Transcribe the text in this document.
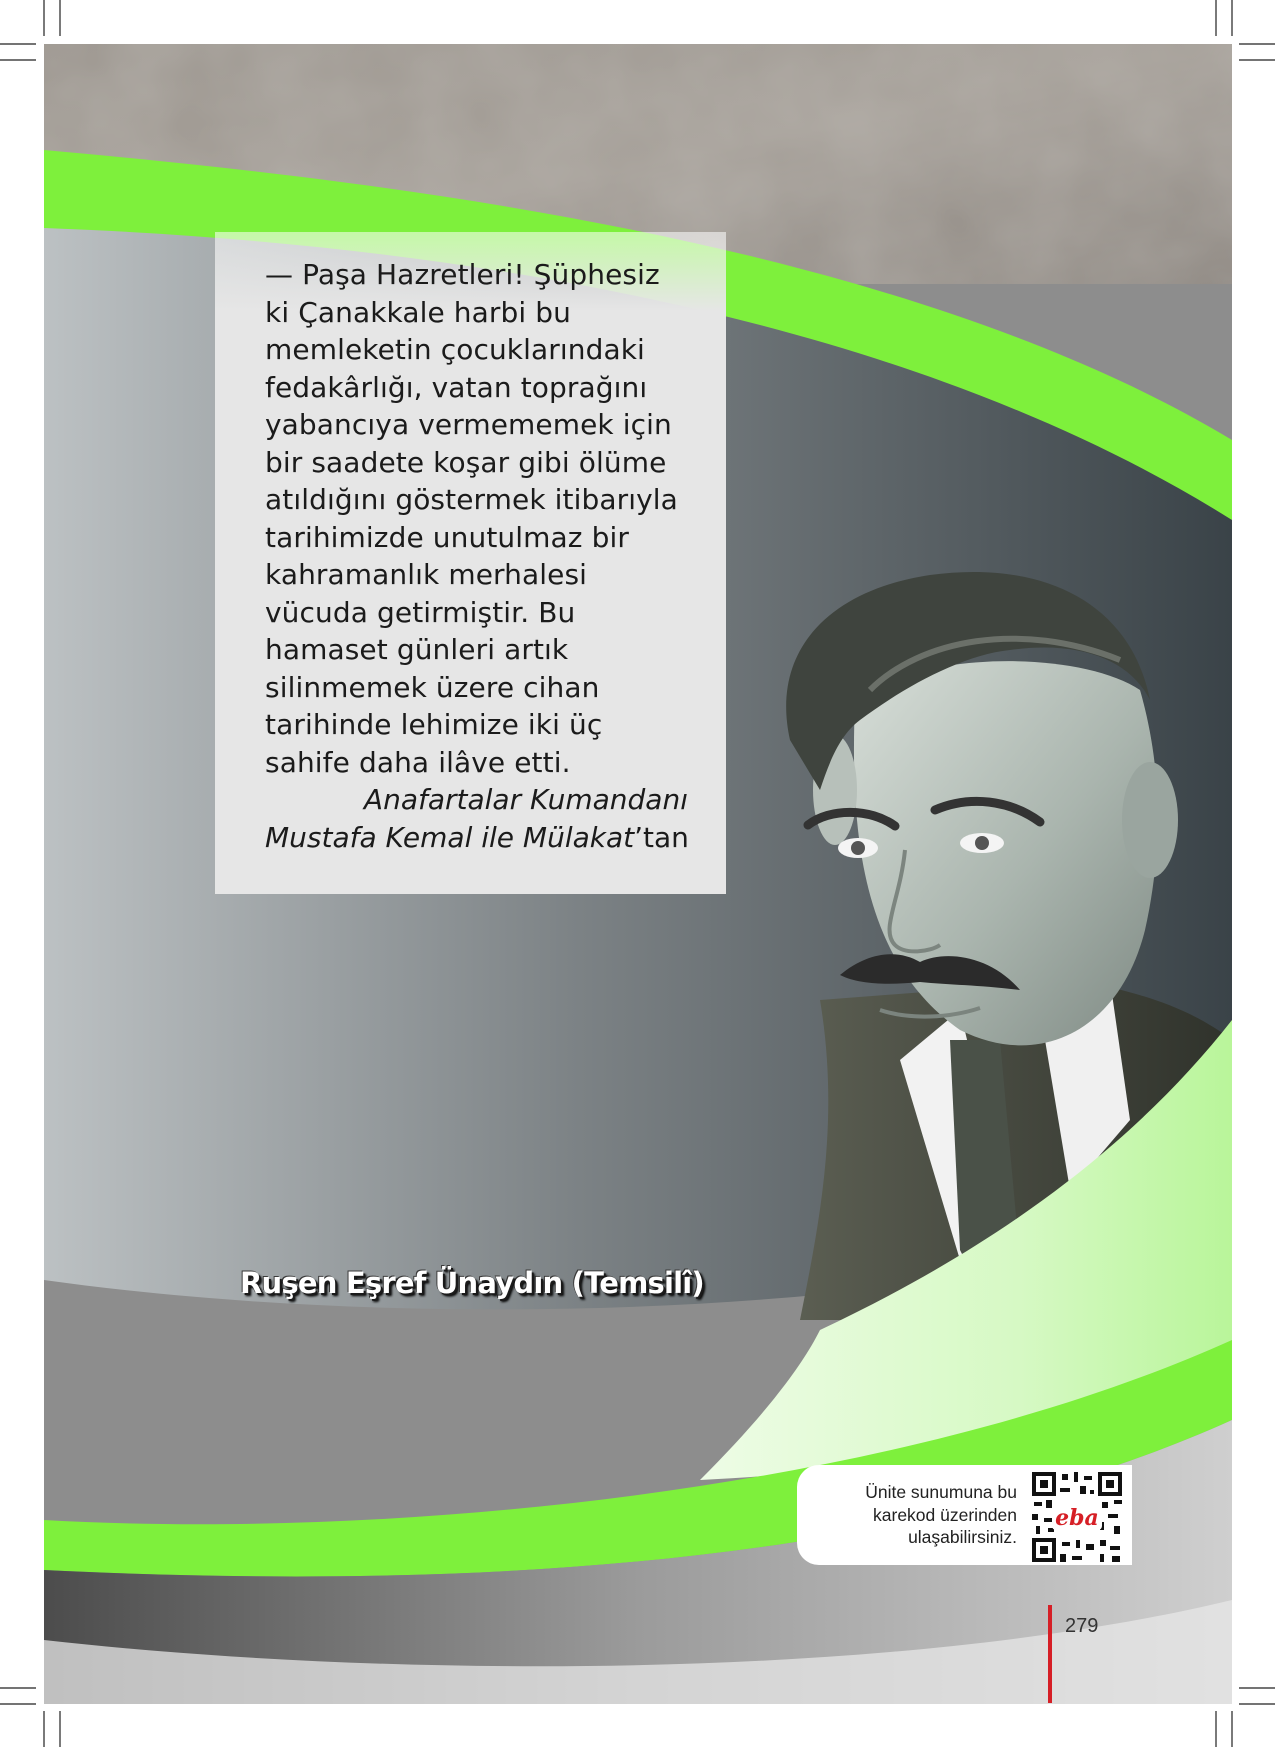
— Paşa Hazretleri! Şüphesiz
ki Çanakkale harbi bu
memleketin çocuklarındaki
fedakârlığı, vatan toprağını
yabancıya vermememek için
bir saadete koşar gibi ölüme
atıldığını göstermek itibarıyla
tarihimizde unutulmaz bir
kahramanlık merhalesi
vücuda getirmiştir. Bu
hamaset günleri artık
silinmemek üzere cihan
tarihinde lehimize iki üç
sahife daha ilâve etti.
Anafartalar Kumandanı
Mustafa Kemal ile Mülakat’tan
Ruşen Eşref Ünaydın (Temsilî)
Ünite sunumuna bu
karekod üzerinden
ulaşabilirsiniz.
eba
279
